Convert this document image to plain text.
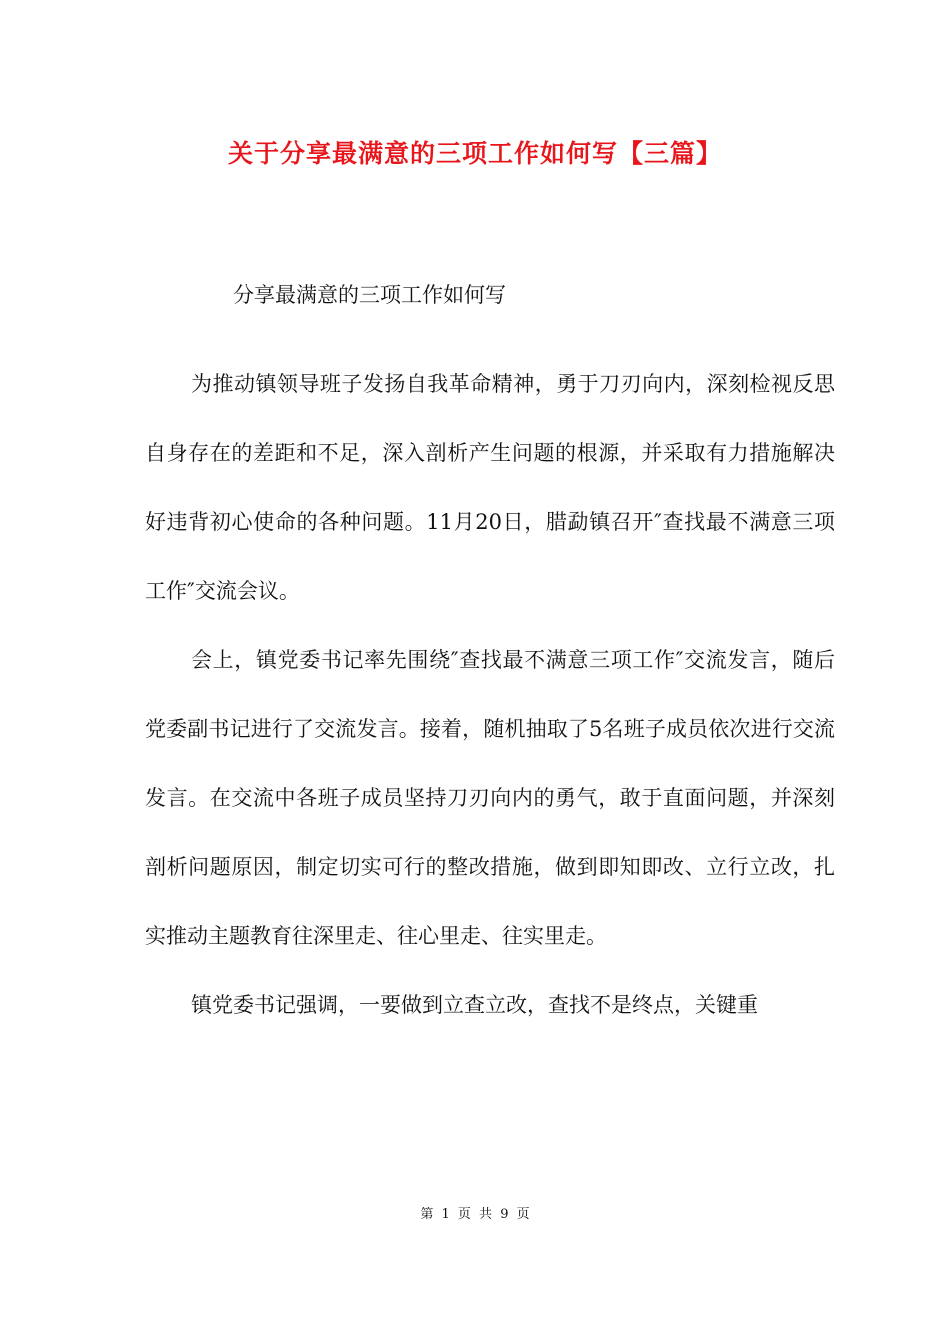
关于分享最满意的三项工作如何写【三篇】
分享最满意的三项工作如何写

为推动镇领导班子发扬自我革命精神，勇于刀刃向内，深刻检视反思自身存在的差距和不足，深入剖析产生问题的根源，并采取有力措施解决好违背初心使命的各种问题。11月20日，腊勐镇召开″查找最不满意三项工作″交流会议。

会上，镇党委书记率先围绕″查找最不满意三项工作″交流发言，随后党委副书记进行了交流发言。接着，随机抽取了5名班子成员依次进行交流发言。在交流中各班子成员坚持刀刃向内的勇气，敢于直面问题，并深刻剖析问题原因，制定切实可行的整改措施，做到即知即改、立行立改，扎实推动主题教育往深里走、往心里走、往实里走。

镇党委书记强调，一要做到立查立改，查找不是终点，关键重

第 1 页 共 9 页
